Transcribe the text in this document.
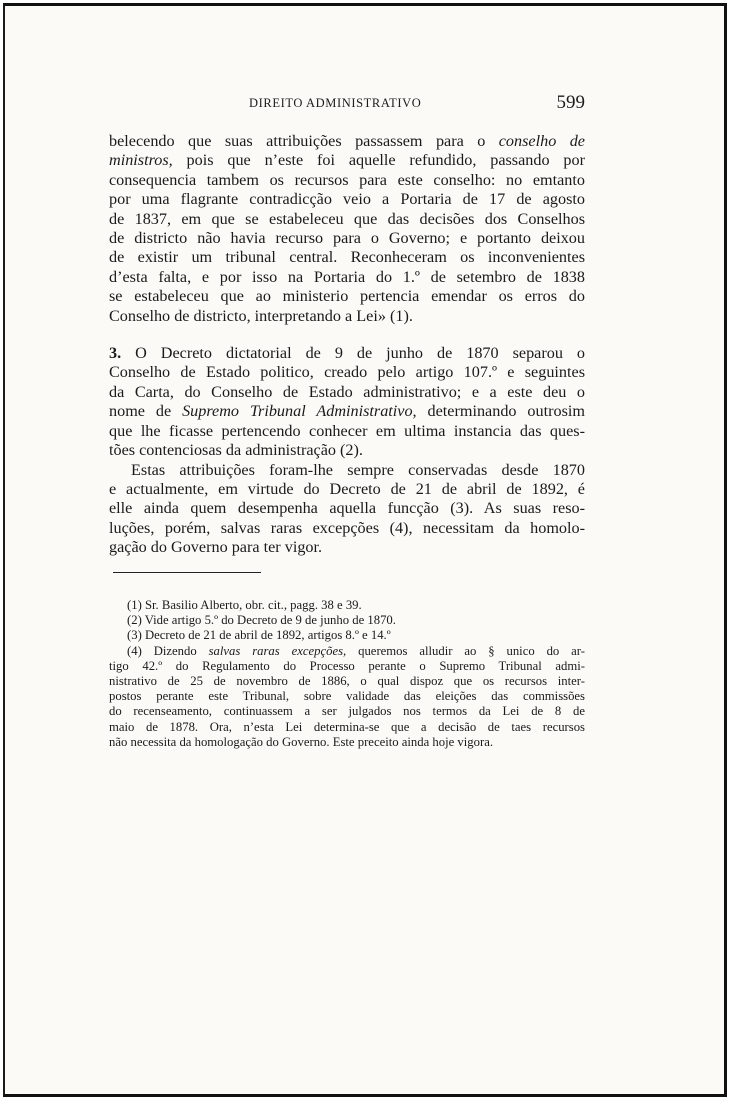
DIREITO ADMINISTRATIVO	599
belecendo que suas attribuições passassem para o conselho de
ministros, pois que n’este foi aquelle refundido, passando por
consequencia tambem os recursos para este conselho: no emtanto
por uma flagrante contradicção veio a Portaria de 17 de agosto
de 1837, em que se estabeleceu que das decisões dos Conselhos
de districto não havia recurso para o Governo; e portanto deixou
de existir um tribunal central. Reconheceram os inconvenientes
d’esta falta, e por isso na Portaria do 1.º de setembro de 1838
se estabeleceu que ao ministerio pertencia emendar os erros do
Conselho de districto, interpretando a Lei» (1).
3. O Decreto dictatorial de 9 de junho de 1870 separou o
Conselho de Estado politico, creado pelo artigo 107.º e seguintes
da Carta, do Conselho de Estado administrativo; e a este deu o
nome de Supremo Tribunal Administrativo, determinando outrosim
que lhe ficasse pertencendo conhecer em ultima instancia das ques-
tões contenciosas da administração (2).
Estas attribuições foram-lhe sempre conservadas desde 1870
e actualmente, em virtude do Decreto de 21 de abril de 1892, é
elle ainda quem desempenha aquella funcção (3). As suas reso-
luções, porém, salvas raras excepções (4), necessitam da homolo-
gação do Governo para ter vigor.
(1) Sr. Basilio Alberto, obr. cit., pagg. 38 e 39.
(2) Vide artigo 5.º do Decreto de 9 de junho de 1870.
(3) Decreto de 21 de abril de 1892, artigos 8.º e 14.º
(4) Dizendo salvas raras excepções, queremos alludir ao § unico do ar-
tigo 42.º do Regulamento do Processo perante o Supremo Tribunal admi-
nistrativo de 25 de novembro de 1886, o qual dispoz que os recursos inter-
postos perante este Tribunal, sobre validade das eleições das commissões
do recenseamento, continuassem a ser julgados nos termos da Lei de 8 de
maio de 1878. Ora, n’esta Lei determina-se que a decisão de taes recursos
não necessita da homologação do Governo. Este preceito ainda hoje vigora.
